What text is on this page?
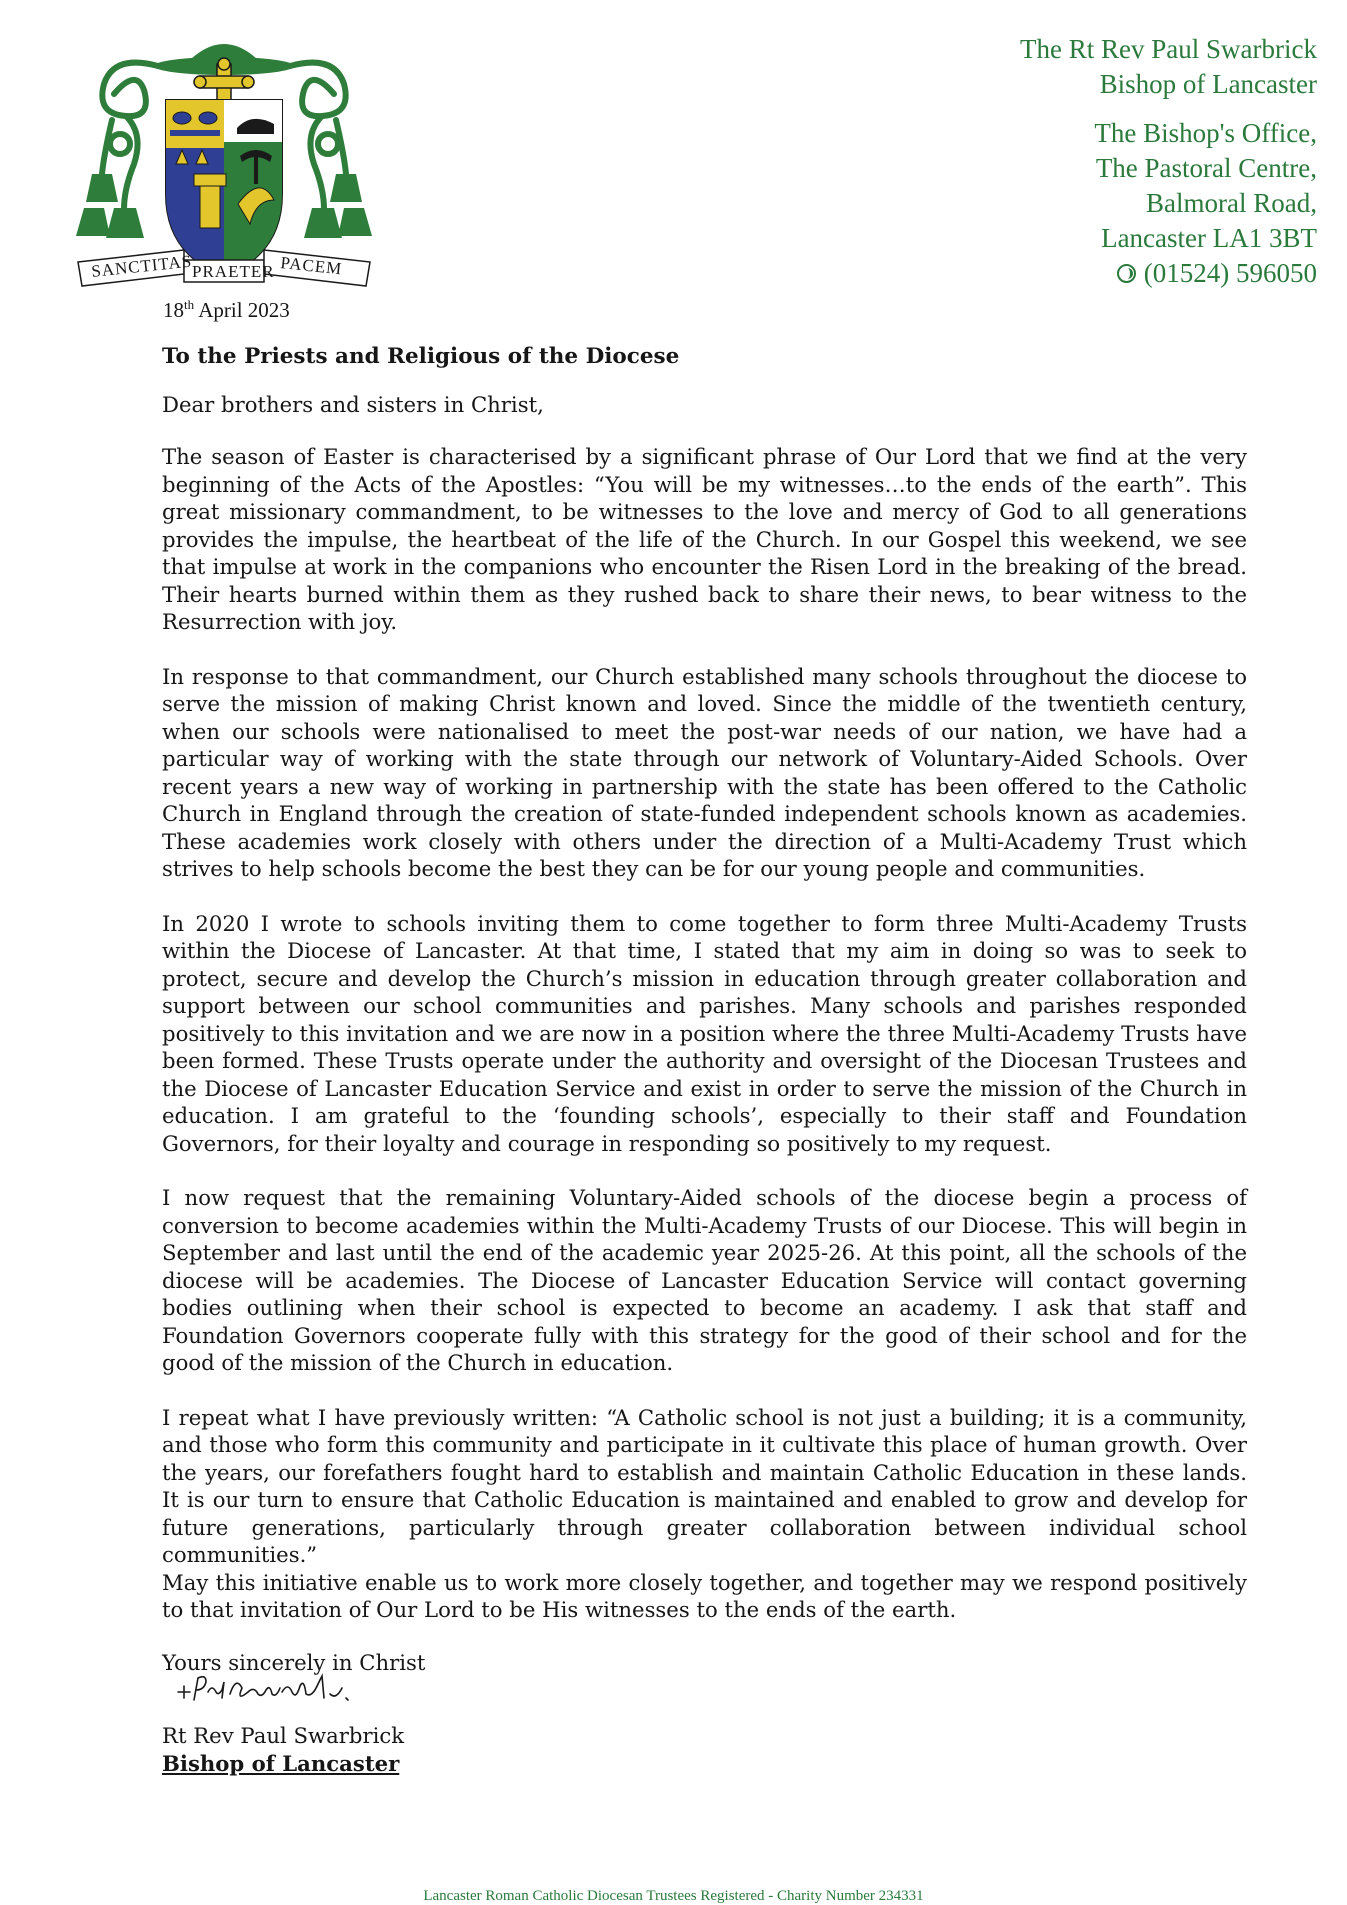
SANCTITAS
PRAETER PACEM
The Rt Rev Paul Swarbrick
Bishop of Lancaster
The Bishop's Office,
The Pastoral Centre,
Balmoral Road,
Lancaster LA1 3BT
(01524) 596050
18th April 2023

To the Priests and Religious of the Diocese

Dear brothers and sisters in Christ,

The season of Easter is characterised by a significant phrase of Our Lord that we find at the very beginning of the Acts of the Apostles: “You will be my witnesses…to the ends of the earth”. This great missionary commandment, to be witnesses to the love and mercy of God to all generations provides the impulse, the heartbeat of the life of the Church. In our Gospel this weekend, we see that impulse at work in the companions who encounter the Risen Lord in the breaking of the bread. Their hearts burned within them as they rushed back to share their news, to bear witness to the Resurrection with joy.

In response to that commandment, our Church established many schools throughout the diocese to serve the mission of making Christ known and loved. Since the middle of the twentieth century, when our schools were nationalised to meet the post-war needs of our nation, we have had a particular way of working with the state through our network of Voluntary-Aided Schools. Over recent years a new way of working in partnership with the state has been offered to the Catholic Church in England through the creation of state-funded independent schools known as academies. These academies work closely with others under the direction of a Multi-Academy Trust which strives to help schools become the best they can be for our young people and communities.

In 2020 I wrote to schools inviting them to come together to form three Multi-Academy Trusts within the Diocese of Lancaster. At that time, I stated that my aim in doing so was to seek to protect, secure and develop the Church’s mission in education through greater collaboration and support between our school communities and parishes. Many schools and parishes responded positively to this invitation and we are now in a position where the three Multi-Academy Trusts have been formed. These Trusts operate under the authority and oversight of the Diocesan Trustees and the Diocese of Lancaster Education Service and exist in order to serve the mission of the Church in education. I am grateful to the ‘founding schools’, especially to their staff and Foundation Governors, for their loyalty and courage in responding so positively to my request.

I now request that the remaining Voluntary-Aided schools of the diocese begin a process of conversion to become academies within the Multi-Academy Trusts of our Diocese. This will begin in September and last until the end of the academic year 2025-26. At this point, all the schools of the diocese will be academies. The Diocese of Lancaster Education Service will contact governing bodies outlining when their school is expected to become an academy. I ask that staff and Foundation Governors cooperate fully with this strategy for the good of their school and for the good of the mission of the Church in education.

I repeat what I have previously written: “A Catholic school is not just a building; it is a community, and those who form this community and participate in it cultivate this place of human growth. Over the years, our forefathers fought hard to establish and maintain Catholic Education in these lands. It is our turn to ensure that Catholic Education is maintained and enabled to grow and develop for future generations, particularly through greater collaboration between individual school communities.”

May this initiative enable us to work more closely together, and together may we respond positively to that invitation of Our Lord to be His witnesses to the ends of the earth.

Yours sincerely in Christ

Rt Rev Paul Swarbrick
Bishop of Lancaster
Lancaster Roman Catholic Diocesan Trustees Registered - Charity Number 234331
